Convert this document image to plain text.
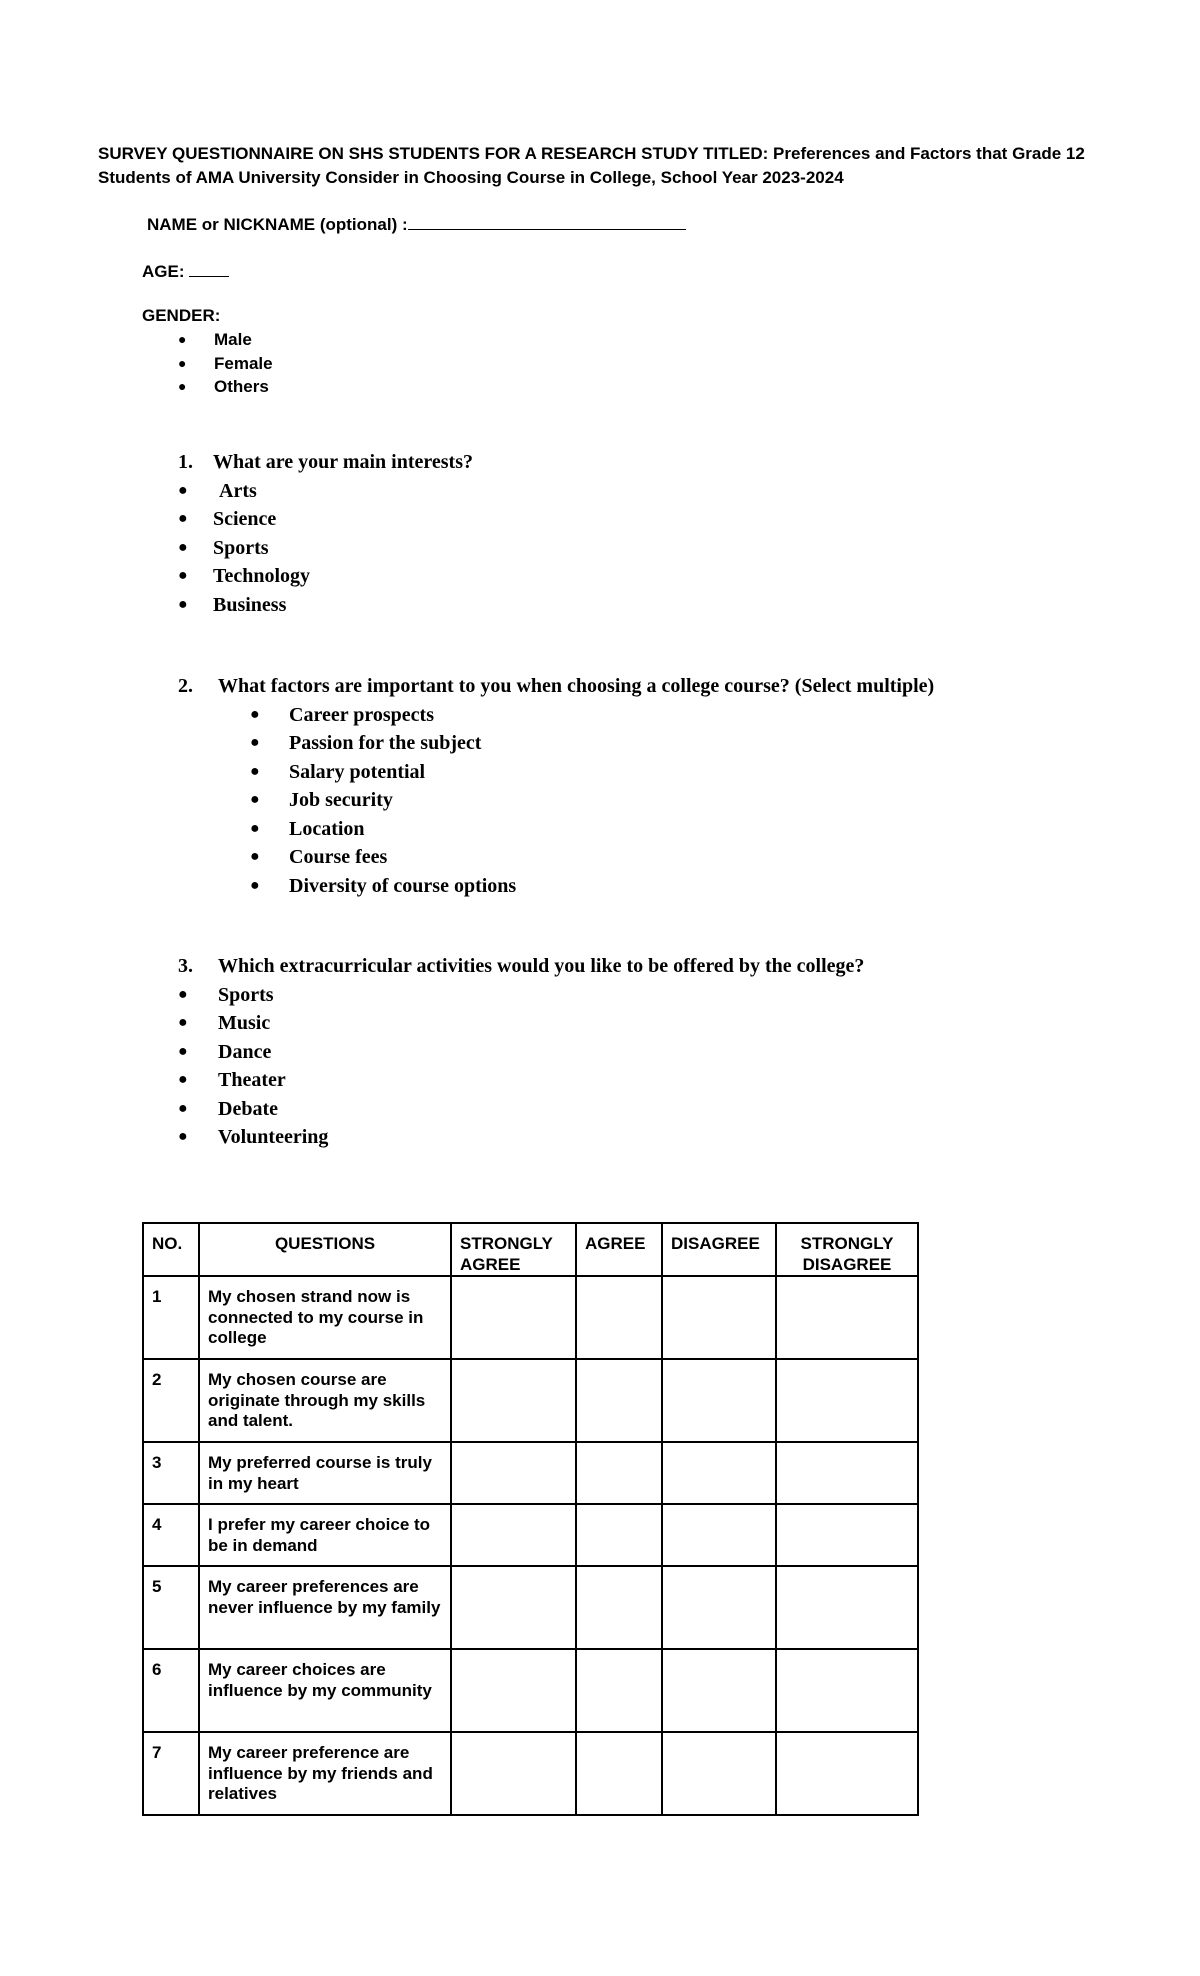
SURVEY QUESTIONNAIRE ON SHS STUDENTS FOR A RESEARCH STUDY TITLED: Preferences and Factors that Grade 12 Students of AMA University Consider in Choosing Course in College, School Year 2023-2024
NAME or NICKNAME (optional) :
AGE:
GENDER:
● Male
● Female
● Others
1. What are your main interests?
● Arts
● Science
● Sports
● Technology
● Business
2. What factors are important to you when choosing a college course? (Select multiple)
● Career prospects
● Passion for the subject
● Salary potential
● Job security
● Location
● Course fees
● Diversity of course options
3. Which extracurricular activities would you like to be offered by the college?
● Sports
● Music
● Dance
● Theater
● Debate
● Volunteering
NO.	QUESTIONS	STRONGLY AGREE	AGREE	DISAGREE	STRONGLY DISAGREE
1	My chosen strand now is connected to my course in college				
2	My chosen course are originate through my skills and talent.				
3	My preferred course is truly in my heart				
4	I prefer my career choice to be in demand				
5	My career preferences are never influence by my family				
6	My career choices are influence by my community				
7	My career preference are influence by my friends and relatives				
